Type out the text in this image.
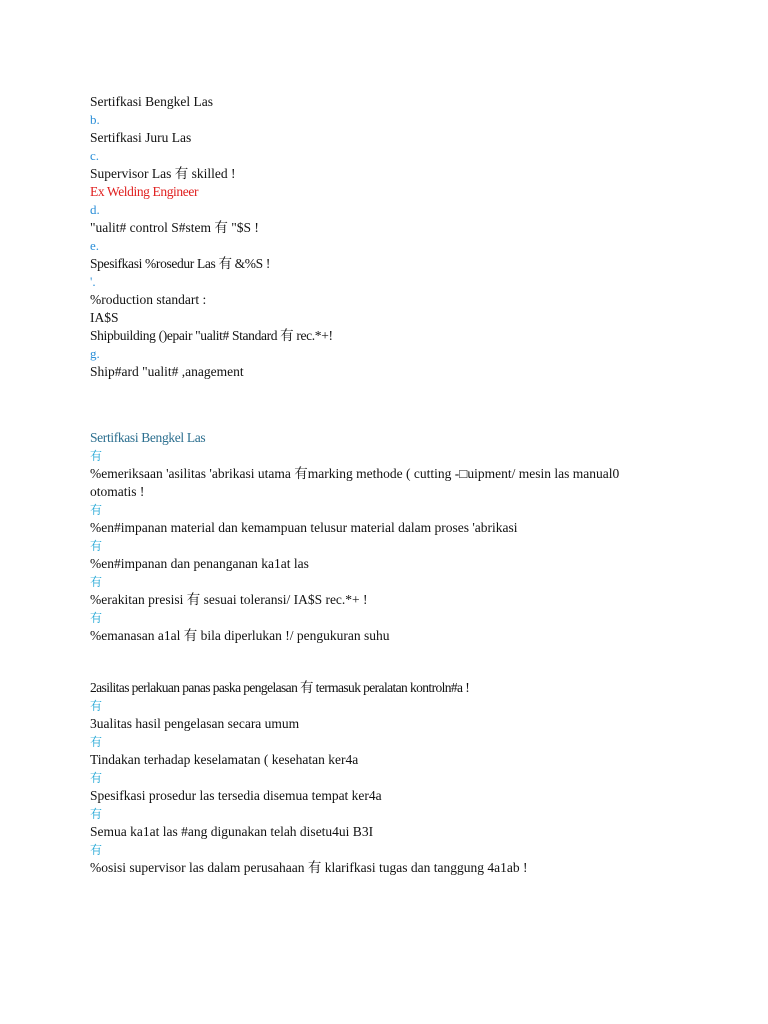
Sertifkasi Bengkel Las
b.
Sertifkasi Juru Las
c.
Supervisor Las 有 skilled !
Ex Welding Engineer
d.
"ualit# control S#stem 有 "$S !
e.
Spesifkasi %rosedur Las 有 &%S !
'.
%roduction standart :
IA$S
Shipbuilding ()epair "ualit# Standard 有 rec.*+!
g.
Ship#ard "ualit# ,anagement
Sertifkasi Bengkel Las
有
%emeriksaan 'asilitas 'abrikasi utama 有marking methode ( cutting -□uipment/ mesin las manual0 otomatis !
有
%en#impanan material dan kemampuan telusur material dalam proses 'abrikasi
有
%en#impanan dan penanganan ka1at las
有
%erakitan presisi 有 sesuai toleransi/ IA$S rec.*+ !
有
%emanasan a1al 有 bila diperlukan !/ pengukuran suhu
2asilitas perlakuan panas paska pengelasan 有 termasuk peralatan kontroln#a !
有
3ualitas hasil pengelasan secara umum
有
Tindakan terhadap keselamatan ( kesehatan ker4a
有
Spesifkasi prosedur las tersedia disemua tempat ker4a
有
Semua ka1at las #ang digunakan telah disetu4ui B3I
有
%osisi supervisor las dalam perusahaan 有 klarifkasi tugas dan tanggung 4a1ab !
